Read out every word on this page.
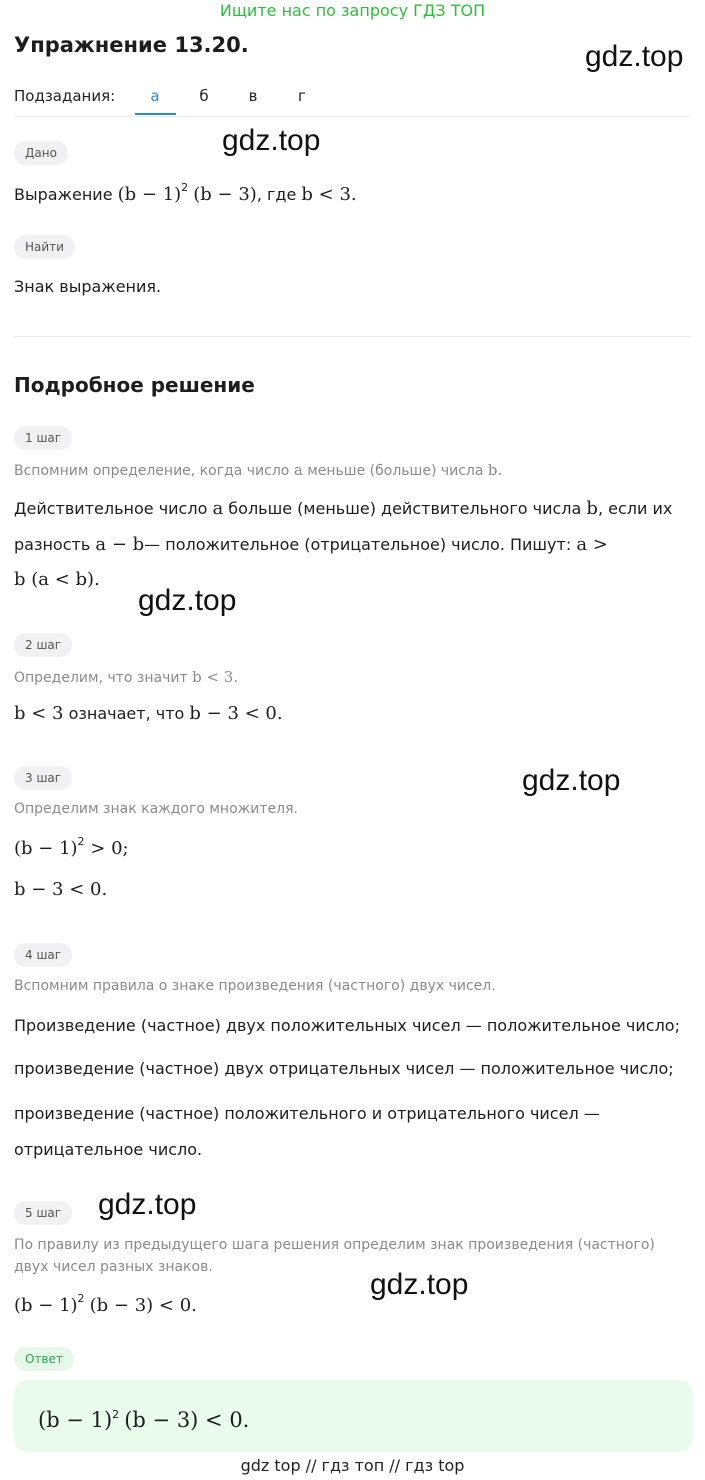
Ищите нас по запросу ГДЗ ТОП
Упражнение 13.20.	gdz.top
Подзадания:	а	б	в	г
Дано	gdz.top
Выражение $(b - 1)^2$ (b − 3), где b < 3.
Найти
Знак выражения.
Подробное решение
1 шаг
Вспомним определение, когда число a меньше (больше) числа b.
Действительное число a больше (меньше) действительного числа b, если их
разность a − b— положительное (отрицательное) число. Пишут: a >
b (a < b).
gdz.top
2 шаг
Определим, что значит b < 3.
b < 3 означает, что b − 3 < 0.
3 шаг	gdz.top
Определим знак каждого множителя.
$(b - 1)^2 > 0$;
b − 3 < 0.
4 шаг
Вспомним правила о знаке произведения (частного) двух чисел.
Произведение (частное) двух положительных чисел — положительное число;
произведение (частное) двух отрицательных чисел — положительное число;
произведение (частное) положительного и отрицательного чисел —
отрицательное число.
5 шаг	gdz.top
По правилу из предыдущего шага решения определим знак произведения (частного)
двух чисел разных знаков.
$(b - 1)^2$ (b − 3) < 0.
gdz.top
Ответ
$(b - 1)^2$ (b − 3) < 0.
gdz top // гдз топ // гдз top
